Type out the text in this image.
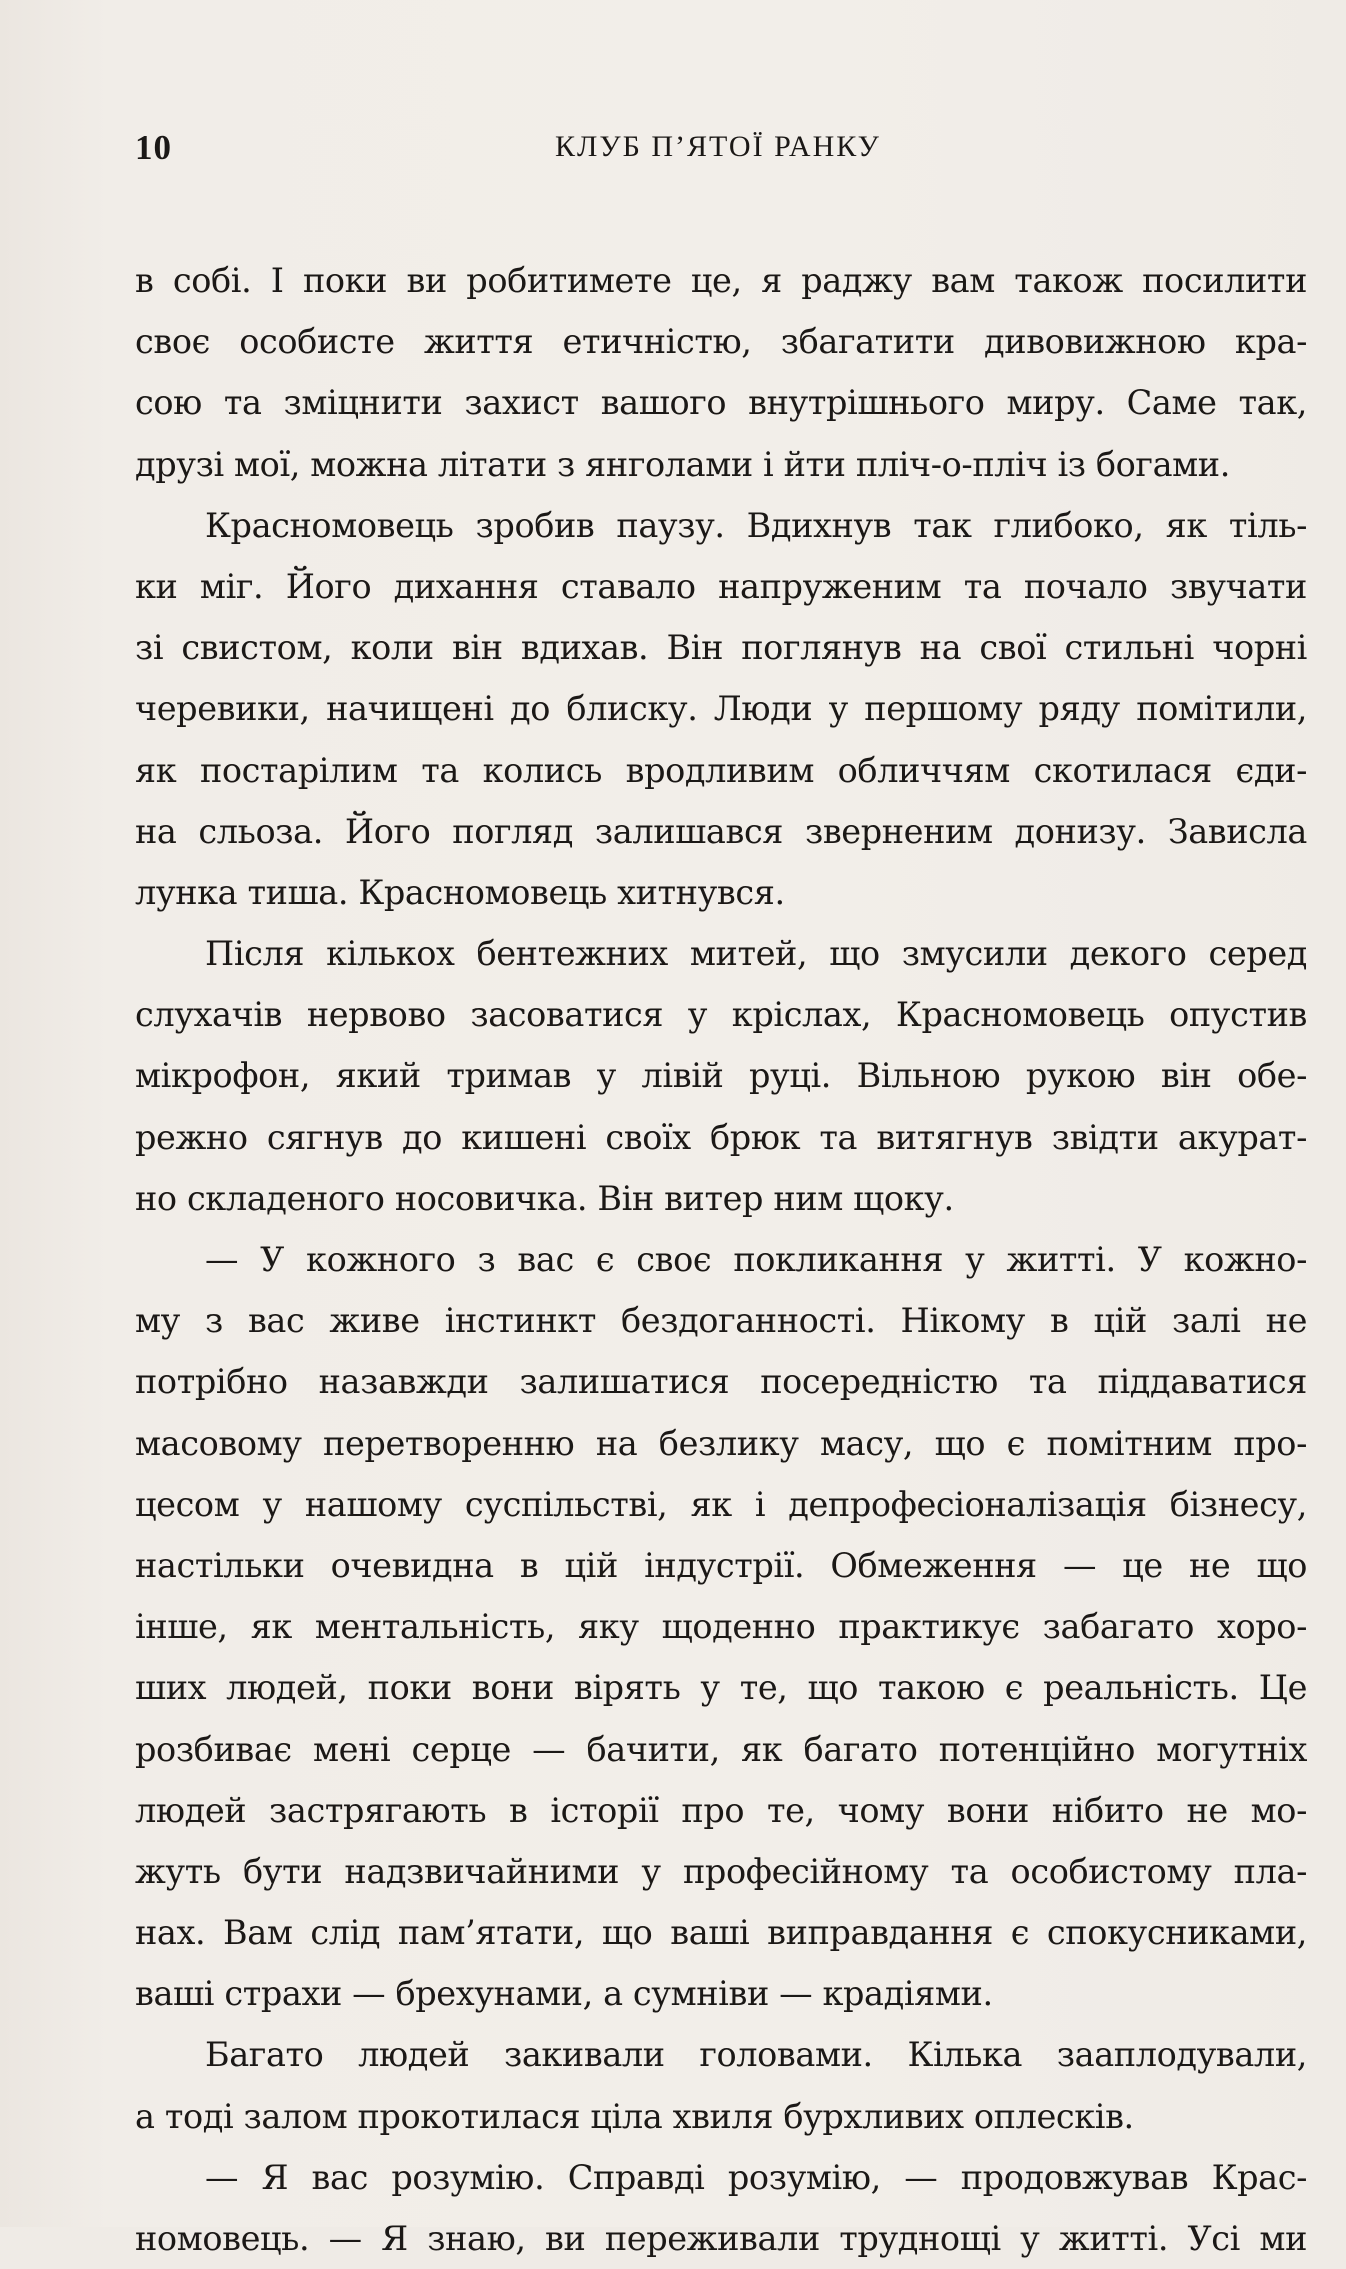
10	КЛУБ П’ЯТОЇ РАНКУ
в собі. І поки ви робитимете це, я раджу вам також посилити
своє особисте життя етичністю, збагатити дивовижною кра-
сою та зміцнити захист вашого внутрішнього миру. Саме так,
друзі мої, можна літати з янголами і йти пліч-о-пліч із богами.
Красномовець зробив паузу. Вдихнув так глибоко, як тіль-
ки міг. Його дихання ставало напруженим та почало звучати
зі свистом, коли він вдихав. Він поглянув на свої стильні чорні
черевики, начищені до блиску. Люди у першому ряду помітили,
як постарілим та колись вродливим обличчям скотилася єди-
на сльоза. Його погляд залишався зверненим донизу. Зависла
лунка тиша. Красномовець хитнувся.
Після кількох бентежних митей, що змусили декого серед
слухачів нервово засоватися у кріслах, Красномовець опустив
мікрофон, який тримав у лівій руці. Вільною рукою він обе-
режно сягнув до кишені своїх брюк та витягнув звідти акурат-
но складеного носовичка. Він витер ним щоку.
— У кожного з вас є своє покликання у житті. У кожно-
му з вас живе інстинкт бездоганності. Нікому в цій залі не
потрібно назавжди залишатися посередністю та піддаватися
масовому перетворенню на безлику масу, що є помітним про-
цесом у нашому суспільстві, як і депрофесіоналізація бізнесу,
настільки очевидна в цій індустрії. Обмеження — це не що
інше, як ментальність, яку щоденно практикує забагато хоро-
ших людей, поки вони вірять у те, що такою є реальність. Це
розбиває мені серце — бачити, як багато потенційно могутніх
людей застрягають в історії про те, чому вони нібито не мо-
жуть бути надзвичайними у професійному та особистому пла-
нах. Вам слід пам’ятати, що ваші виправдання є спокусниками,
ваші страхи — брехунами, а сумніви — крадіями.
Багато людей закивали головами. Кілька зааплодували,
а тоді залом прокотилася ціла хвиля бурхливих оплесків.
— Я вас розумію. Справді розумію, — продовжував Крас-
номовець. — Я знаю, ви переживали труднощі у житті. Усі ми
